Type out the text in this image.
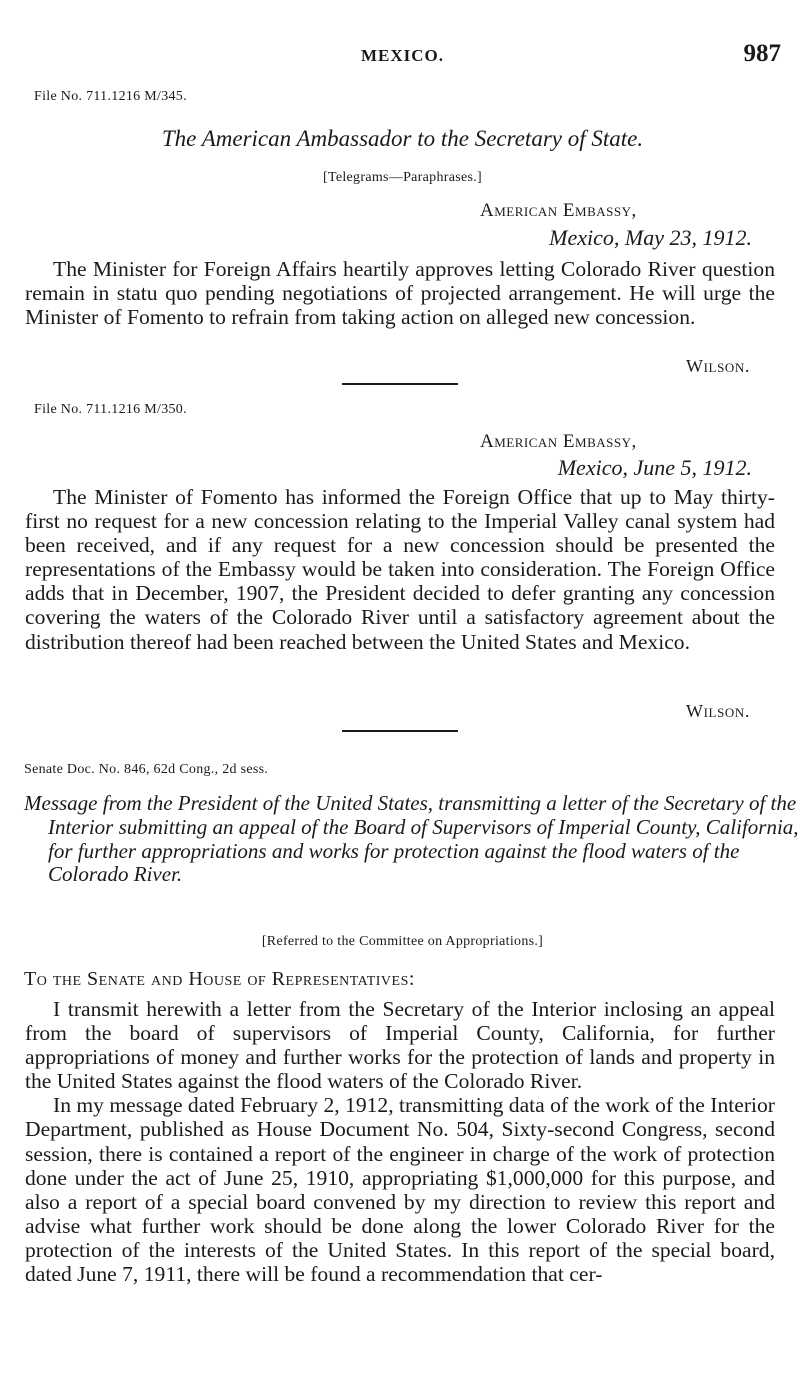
MEXICO.	987
File No. 711.1216 M/345.
The American Ambassador to the Secretary of State.
[Telegrams—Paraphrases.]
American Embassy,
Mexico, May 23, 1912.

The Minister for Foreign Affairs heartily approves letting Colorado River question remain in statu quo pending negotiations of projected arrangement. He will urge the Minister of Fomento to refrain from taking action on alleged new concession.

Wilson.
File No. 711.1216 M/350.
American Embassy,
Mexico, June 5, 1912.

The Minister of Fomento has informed the Foreign Office that up to May thirty-first no request for a new concession relating to the Imperial Valley canal system had been received, and if any request for a new concession should be presented the representations of the Embassy would be taken into consideration. The Foreign Office adds that in December, 1907, the President decided to defer granting any concession covering the waters of the Colorado River until a satisfactory agreement about the distribution thereof had been reached between the United States and Mexico.

Wilson.
Senate Doc. No. 846, 62d Cong., 2d sess.
Message from the President of the United States, transmitting a letter of the Secretary of the Interior submitting an appeal of the Board of Supervisors of Imperial County, California, for further appropriations and works for protection against the flood waters of the Colorado River.
[Referred to the Committee on Appropriations.]
To the Senate and House of Representatives:

I transmit herewith a letter from the Secretary of the Interior inclosing an appeal from the board of supervisors of Imperial County, California, for further appropriations of money and further works for the protection of lands and property in the United States against the flood waters of the Colorado River.

In my message dated February 2, 1912, transmitting data of the work of the Interior Department, published as House Document No. 504, Sixty-second Congress, second session, there is contained a report of the engineer in charge of the work of protection done under the act of June 25, 1910, appropriating $1,000,000 for this purpose, and also a report of a special board convened by my direction to review this report and advise what further work should be done along the lower Colorado River for the protection of the interests of the United States. In this report of the special board, dated June 7, 1911, there will be found a recommendation that cer-
